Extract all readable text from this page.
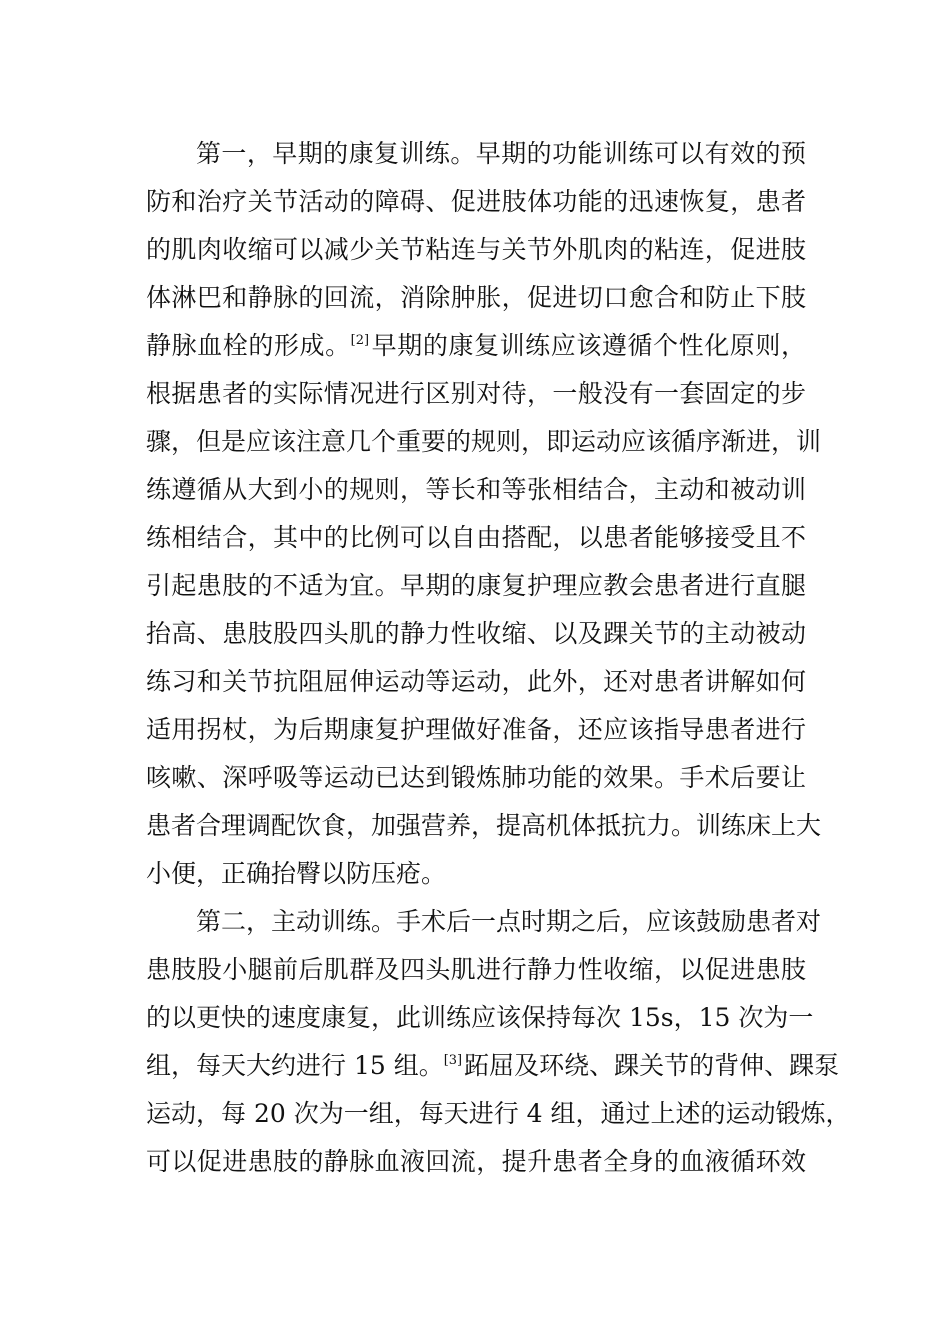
第一，早期的康复训练。早期的功能训练可以有效的预
防和治疗关节活动的障碍、促进肢体功能的迅速恢复，患者
的肌肉收缩可以减少关节粘连与关节外肌肉的粘连，促进肢
体淋巴和静脉的回流，消除肿胀，促进切口愈合和防止下肢
静脉血栓的形成。[2]早期的康复训练应该遵循个性化原则，
根据患者的实际情况进行区别对待，一般没有一套固定的步
骤，但是应该注意几个重要的规则，即运动应该循序渐进，训
练遵循从大到小的规则，等长和等张相结合，主动和被动训
练相结合，其中的比例可以自由搭配，以患者能够接受且不
引起患肢的不适为宜。早期的康复护理应教会患者进行直腿
抬高、患肢股四头肌的静力性收缩、以及踝关节的主动被动
练习和关节抗阻屈伸运动等运动，此外，还对患者讲解如何
适用拐杖，为后期康复护理做好准备，还应该指导患者进行
咳嗽、深呼吸等运动已达到锻炼肺功能的效果。手术后要让
患者合理调配饮食，加强营养，提高机体抵抗力。训练床上大
小便，正确抬臀以防压疮。
第二，主动训练。手术后一点时期之后，应该鼓励患者对
患肢股小腿前后肌群及四头肌进行静力性收缩，以促进患肢
的以更快的速度康复，此训练应该保持每次 15s，15 次为一
组，每天大约进行 15 组。[3]跖屈及环绕、踝关节的背伸、踝泵
运动，每 20 次为一组，每天进行 4 组，通过上述的运动锻炼，
可以促进患肢的静脉血液回流，提升患者全身的血液循环效
